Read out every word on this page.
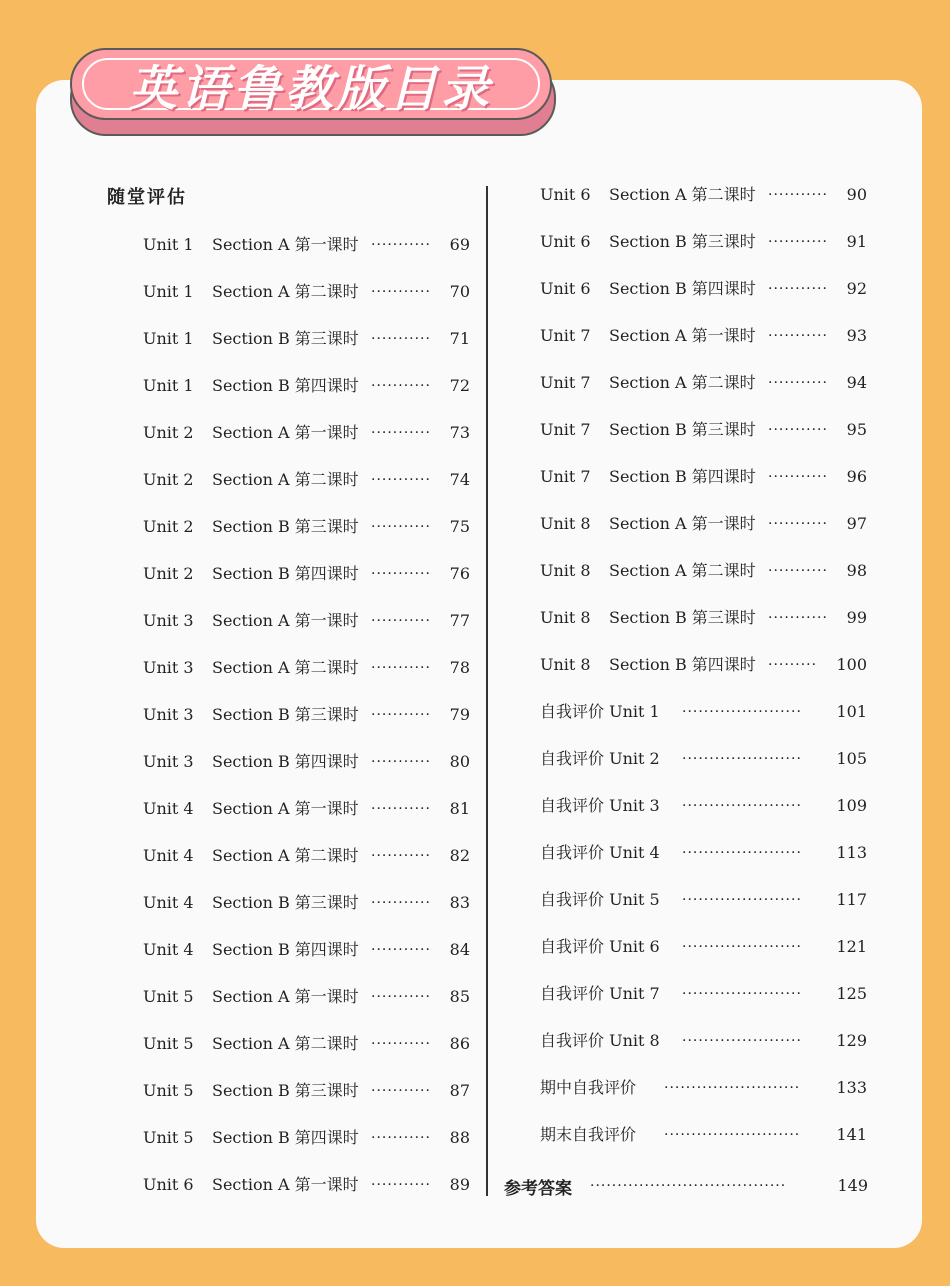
英语鲁教版目录
随堂评估
Unit 1 Section A 第一课时 ···········	69
Unit 1 Section A 第二课时 ···········	70
Unit 1 Section B 第三课时 ···········	71
Unit 1 Section B 第四课时 ···········	72
Unit 2 Section A 第一课时 ···········	73
Unit 2 Section A 第二课时 ···········	74
Unit 2 Section B 第三课时 ···········	75
Unit 2 Section B 第四课时 ···········	76
Unit 3 Section A 第一课时 ···········	77
Unit 3 Section A 第二课时 ···········	78
Unit 3 Section B 第三课时 ···········	79
Unit 3 Section B 第四课时 ···········	80
Unit 4 Section A 第一课时 ···········	81
Unit 4 Section A 第二课时 ···········	82
Unit 4 Section B 第三课时 ···········	83
Unit 4 Section B 第四课时 ···········	84
Unit 5 Section A 第一课时 ···········	85
Unit 5 Section A 第二课时 ···········	86
Unit 5 Section B 第三课时 ···········	87
Unit 5 Section B 第四课时 ···········	88
Unit 6 Section A 第一课时 ···········	89
Unit 6 Section A 第二课时 ···········	90
Unit 6 Section B 第三课时 ···········	91
Unit 6 Section B 第四课时 ···········	92
Unit 7 Section A 第一课时 ···········	93
Unit 7 Section A 第二课时 ···········	94
Unit 7 Section B 第三课时 ···········	95
Unit 7 Section B 第四课时 ···········	96
Unit 8 Section A 第一课时 ···········	97
Unit 8 Section A 第二课时 ···········	98
Unit 8 Section B 第三课时 ···········	99
Unit 8 Section B 第四课时 ·········	100
自我评价 Unit 1 ······················	101
自我评价 Unit 2 ······················	105
自我评价 Unit 3 ······················	109
自我评价 Unit 4 ······················	113
自我评价 Unit 5 ······················	117
自我评价 Unit 6 ······················	121
自我评价 Unit 7 ······················	125
自我评价 Unit 8 ······················	129
期中自我评价 ·························	133
期末自我评价 ·························	141
参考答案 ····································	149
